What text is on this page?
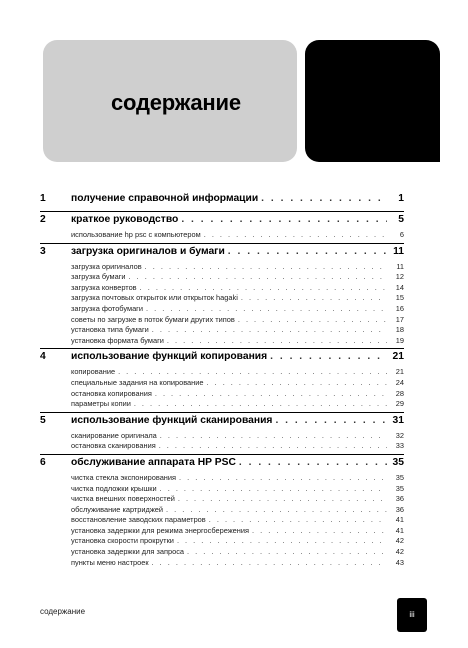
содержание
1	получение справочной информации . . .	1
2	краткое руководство . . .	5
использование hp psc с компьютером . . .	6
3	загрузка оригиналов и бумаги . . .	11
загрузка оригиналов . . .	11
загрузка бумаги . . .	12
загрузка конвертов . . .	14
загрузка почтовых открыток или открыток hagaki . . .	15
загрузка фотобумаги . . .	16
советы по загрузке в поток бумаги других типов . . .	17
установка типа бумаги . . .	18
установка формата бумаги . . .	19
4	использование функций копирования . . .	21
копирование . . .	21
специальные задания на копирование . . .	24
остановка копирования . . .	28
параметры копии . . .	29
5	использование функций сканирования . . .	31
сканирование оригинала . . .	32
остановка сканирования . . .	33
6	обслуживание аппарата HP PSC . . .	35
чистка стекла экспонирования . . .	35
чистка подложки крышки . . .	35
чистка внешних поверхностей . . .	36
обслуживание картриджей . . .	36
восстановление заводских параметров . . .	41
установка задержки для режима энергосбережения . . .	41
установка скорости прокрутки . . .	42
установка задержки для запроса . . .	42
пункты меню настроек . . .	43
содержание	iii
